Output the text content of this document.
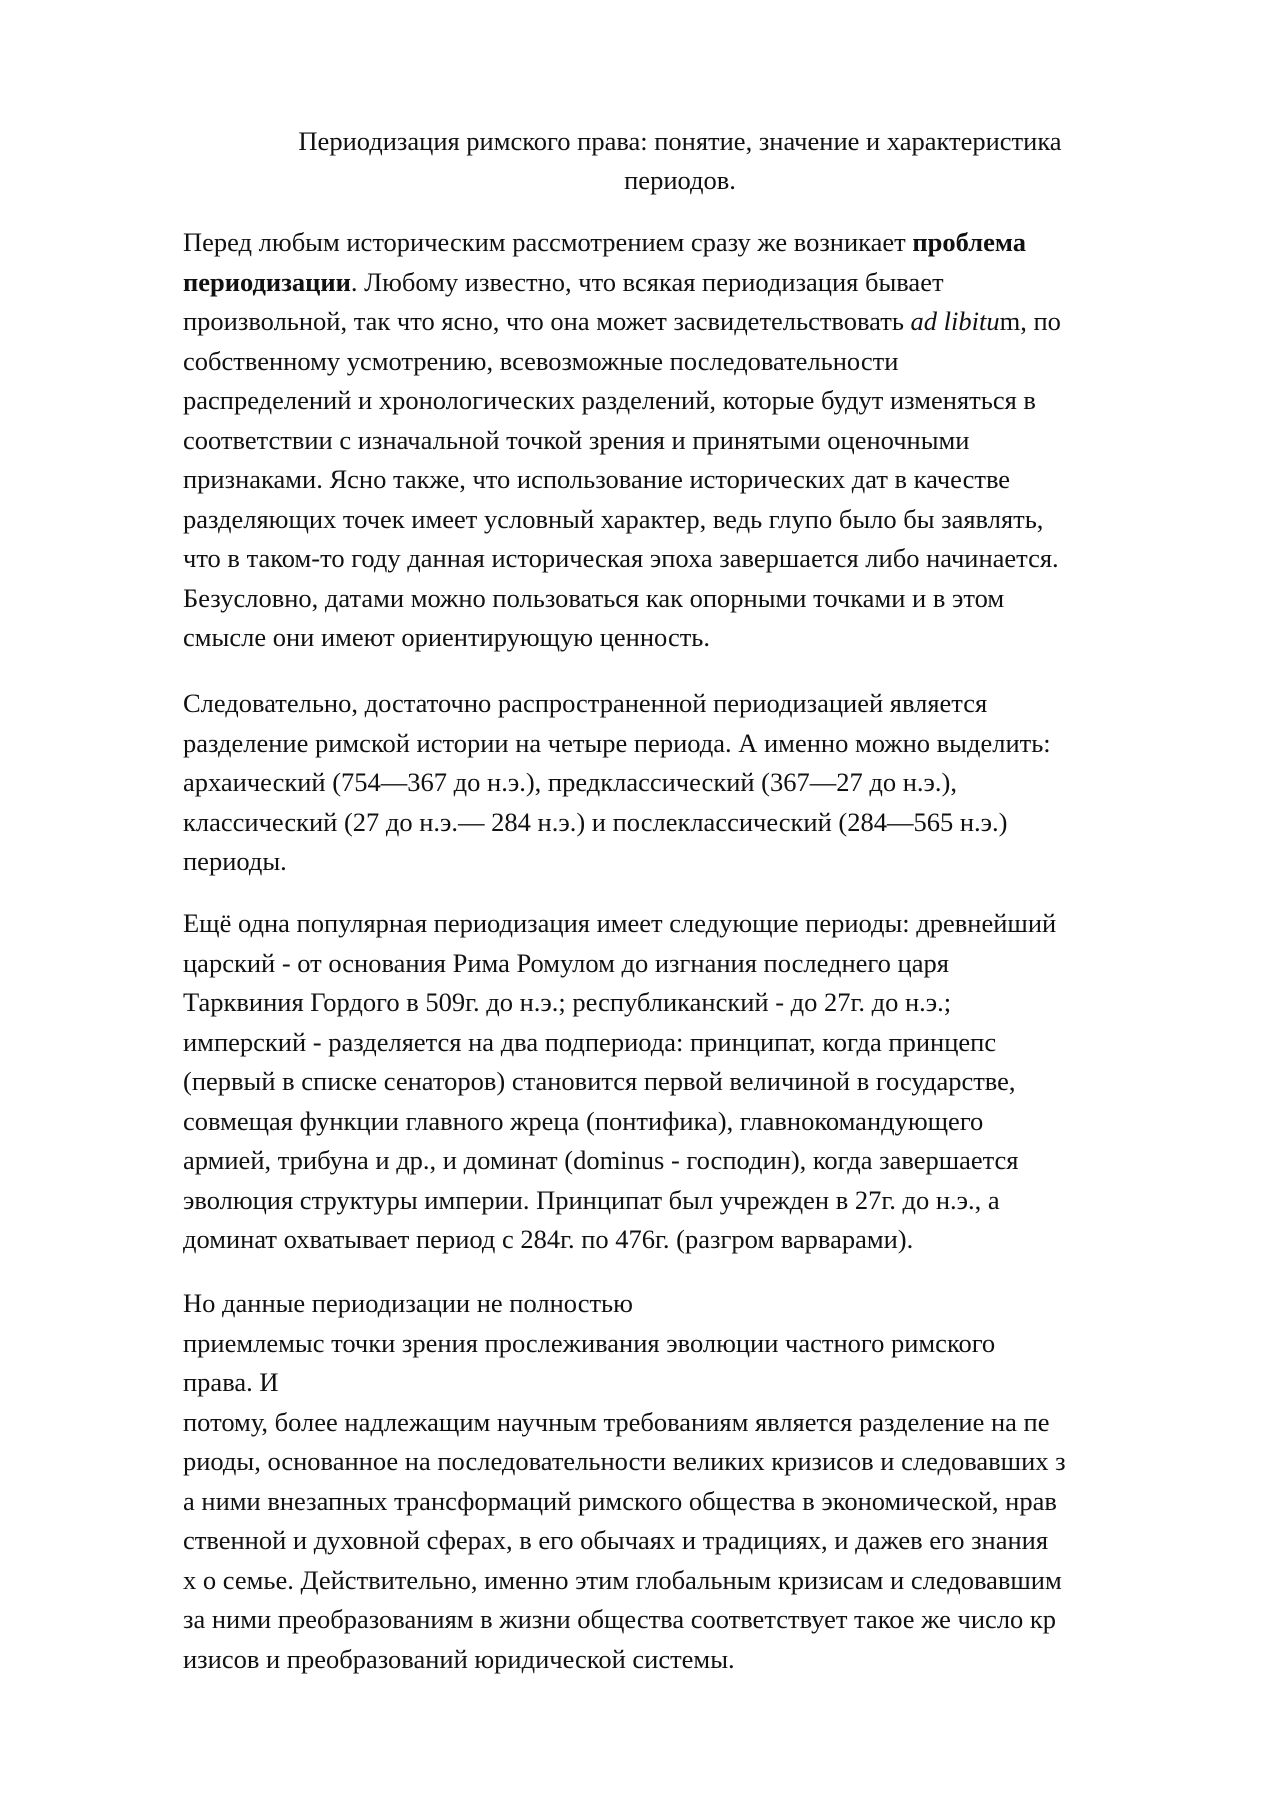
Периодизация римского права: понятие, значение и характеристика
периодов.
Перед любым историческим рассмотрением сразу же возникает проблема
периодизации. Любому известно, что всякая периодизация бывает
произвольной, так что ясно, что она может засвидетельствовать ad libitum, по
собственному усмотрению, всевозможные последовательности
распределений и хронологических разделений, которые будут изменяться в
соответствии с изначальной точкой зрения и принятыми оценочными
признаками. Ясно также, что использование исторических дат в качестве
разделяющих точек имеет условный характер, ведь глупо было бы заявлять,
что в таком-то году данная историческая эпоха завершается либо начинается.
Безусловно, датами можно пользоваться как опорными точками и в этом
смысле они имеют ориентирующую ценность.
Следовательно, достаточно распространенной периодизацией является
разделение римской истории на четыре периода. А именно можно выделить:
архаический (754—367 до н.э.), предклассический (367—27 до н.э.),
классический (27 до н.э.— 284 н.э.) и послеклассический (284—565 н.э.)
периоды.
Ещё одна популярная периодизация имеет следующие периоды: древнейший
царский - от основания Рима Ромулом до изгнания последнего царя
Тарквиния Гордого в 509г. до н.э.; республиканский - до 27г. до н.э.;
имперский - разделяется на два подпериода: принципат, когда принцепс
(первый в списке сенаторов) становится первой величиной в государстве,
совмещая функции главного жреца (понтифика), главнокомандующего
армией, трибуна и др., и доминат (dominus - господин), когда завершается
эволюция структуры империи. Принципат был учрежден в 27г. до н.э., а
доминат охватывает период с 284г. по 476г. (разгром варварами).
Но данные периодизации не полностью
приемлемыс точки зрения прослеживания эволюции частного римского
права. И
потому, более надлежащим научным требованиям является разделение на пе
риоды, основанное на последовательности великих кризисов и следовавших з
а ними внезапных трансформаций римского общества в экономической, нрав
ственной и духовной сферах, в его обычаях и традициях, и дажев его знания
х о семье. Действительно, именно этим глобальным кризисам и следовавшим
за ними преобразованиям в жизни общества соответствует такое же число кр
изисов и преобразований юридической системы.
